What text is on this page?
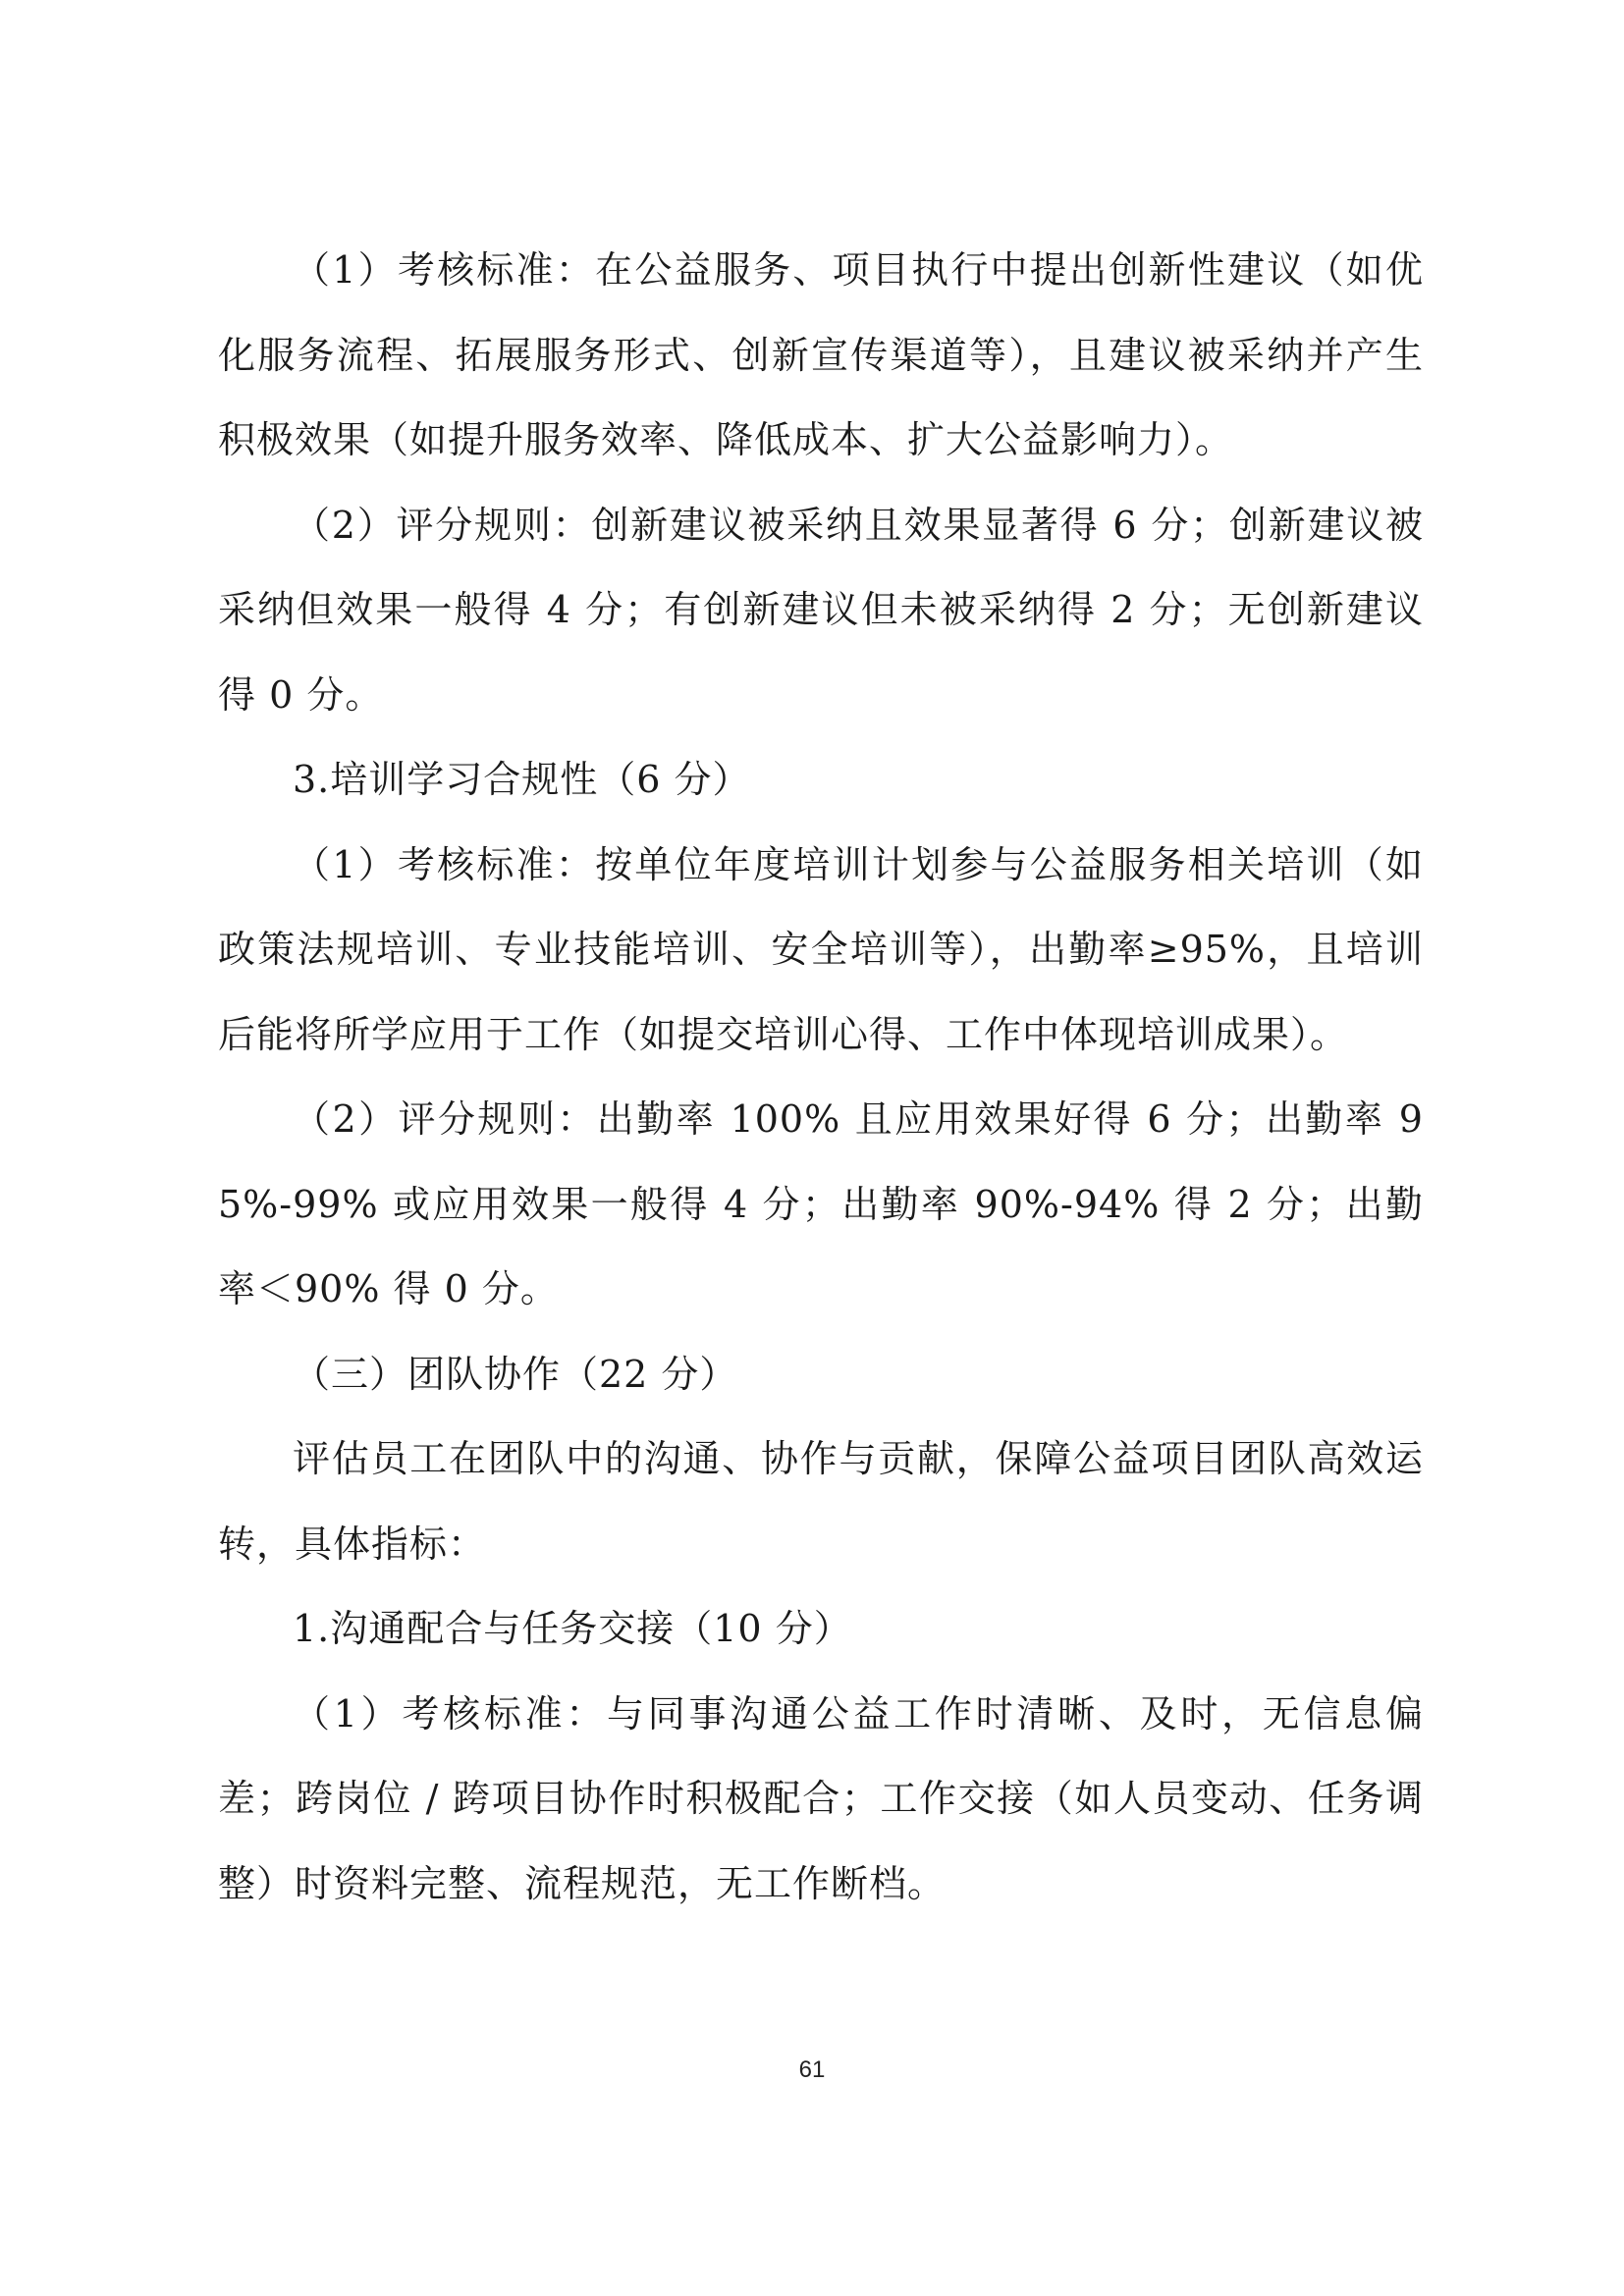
（1）考核标准：在公益服务、项目执行中提出创新性建议（如优化服务流程、拓展服务形式、创新宣传渠道等），且建议被采纳并产生积极效果（如提升服务效率、降低成本、扩大公益影响力）。

（2）评分规则：创新建议被采纳且效果显著得 6 分；创新建议被采纳但效果一般得 4 分；有创新建议但未被采纳得 2 分；无创新建议得 0 分。

3.培训学习合规性（6 分）

（1）考核标准：按单位年度培训计划参与公益服务相关培训（如政策法规培训、专业技能培训、安全培训等），出勤率≥95%，且培训后能将所学应用于工作（如提交培训心得、工作中体现培训成果）。

（2）评分规则：出勤率 100% 且应用效果好得 6 分；出勤率 95%-99% 或应用效果一般得 4 分；出勤率 90%-94% 得 2 分；出勤率＜90% 得 0 分。

（三）团队协作（22 分）

评估员工在团队中的沟通、协作与贡献，保障公益项目团队高效运转，具体指标：

1.沟通配合与任务交接（10 分）

（1）考核标准：与同事沟通公益工作时清晰、及时，无信息偏差；跨岗位 / 跨项目协作时积极配合；工作交接（如人员变动、任务调整）时资料完整、流程规范，无工作断档。

61
